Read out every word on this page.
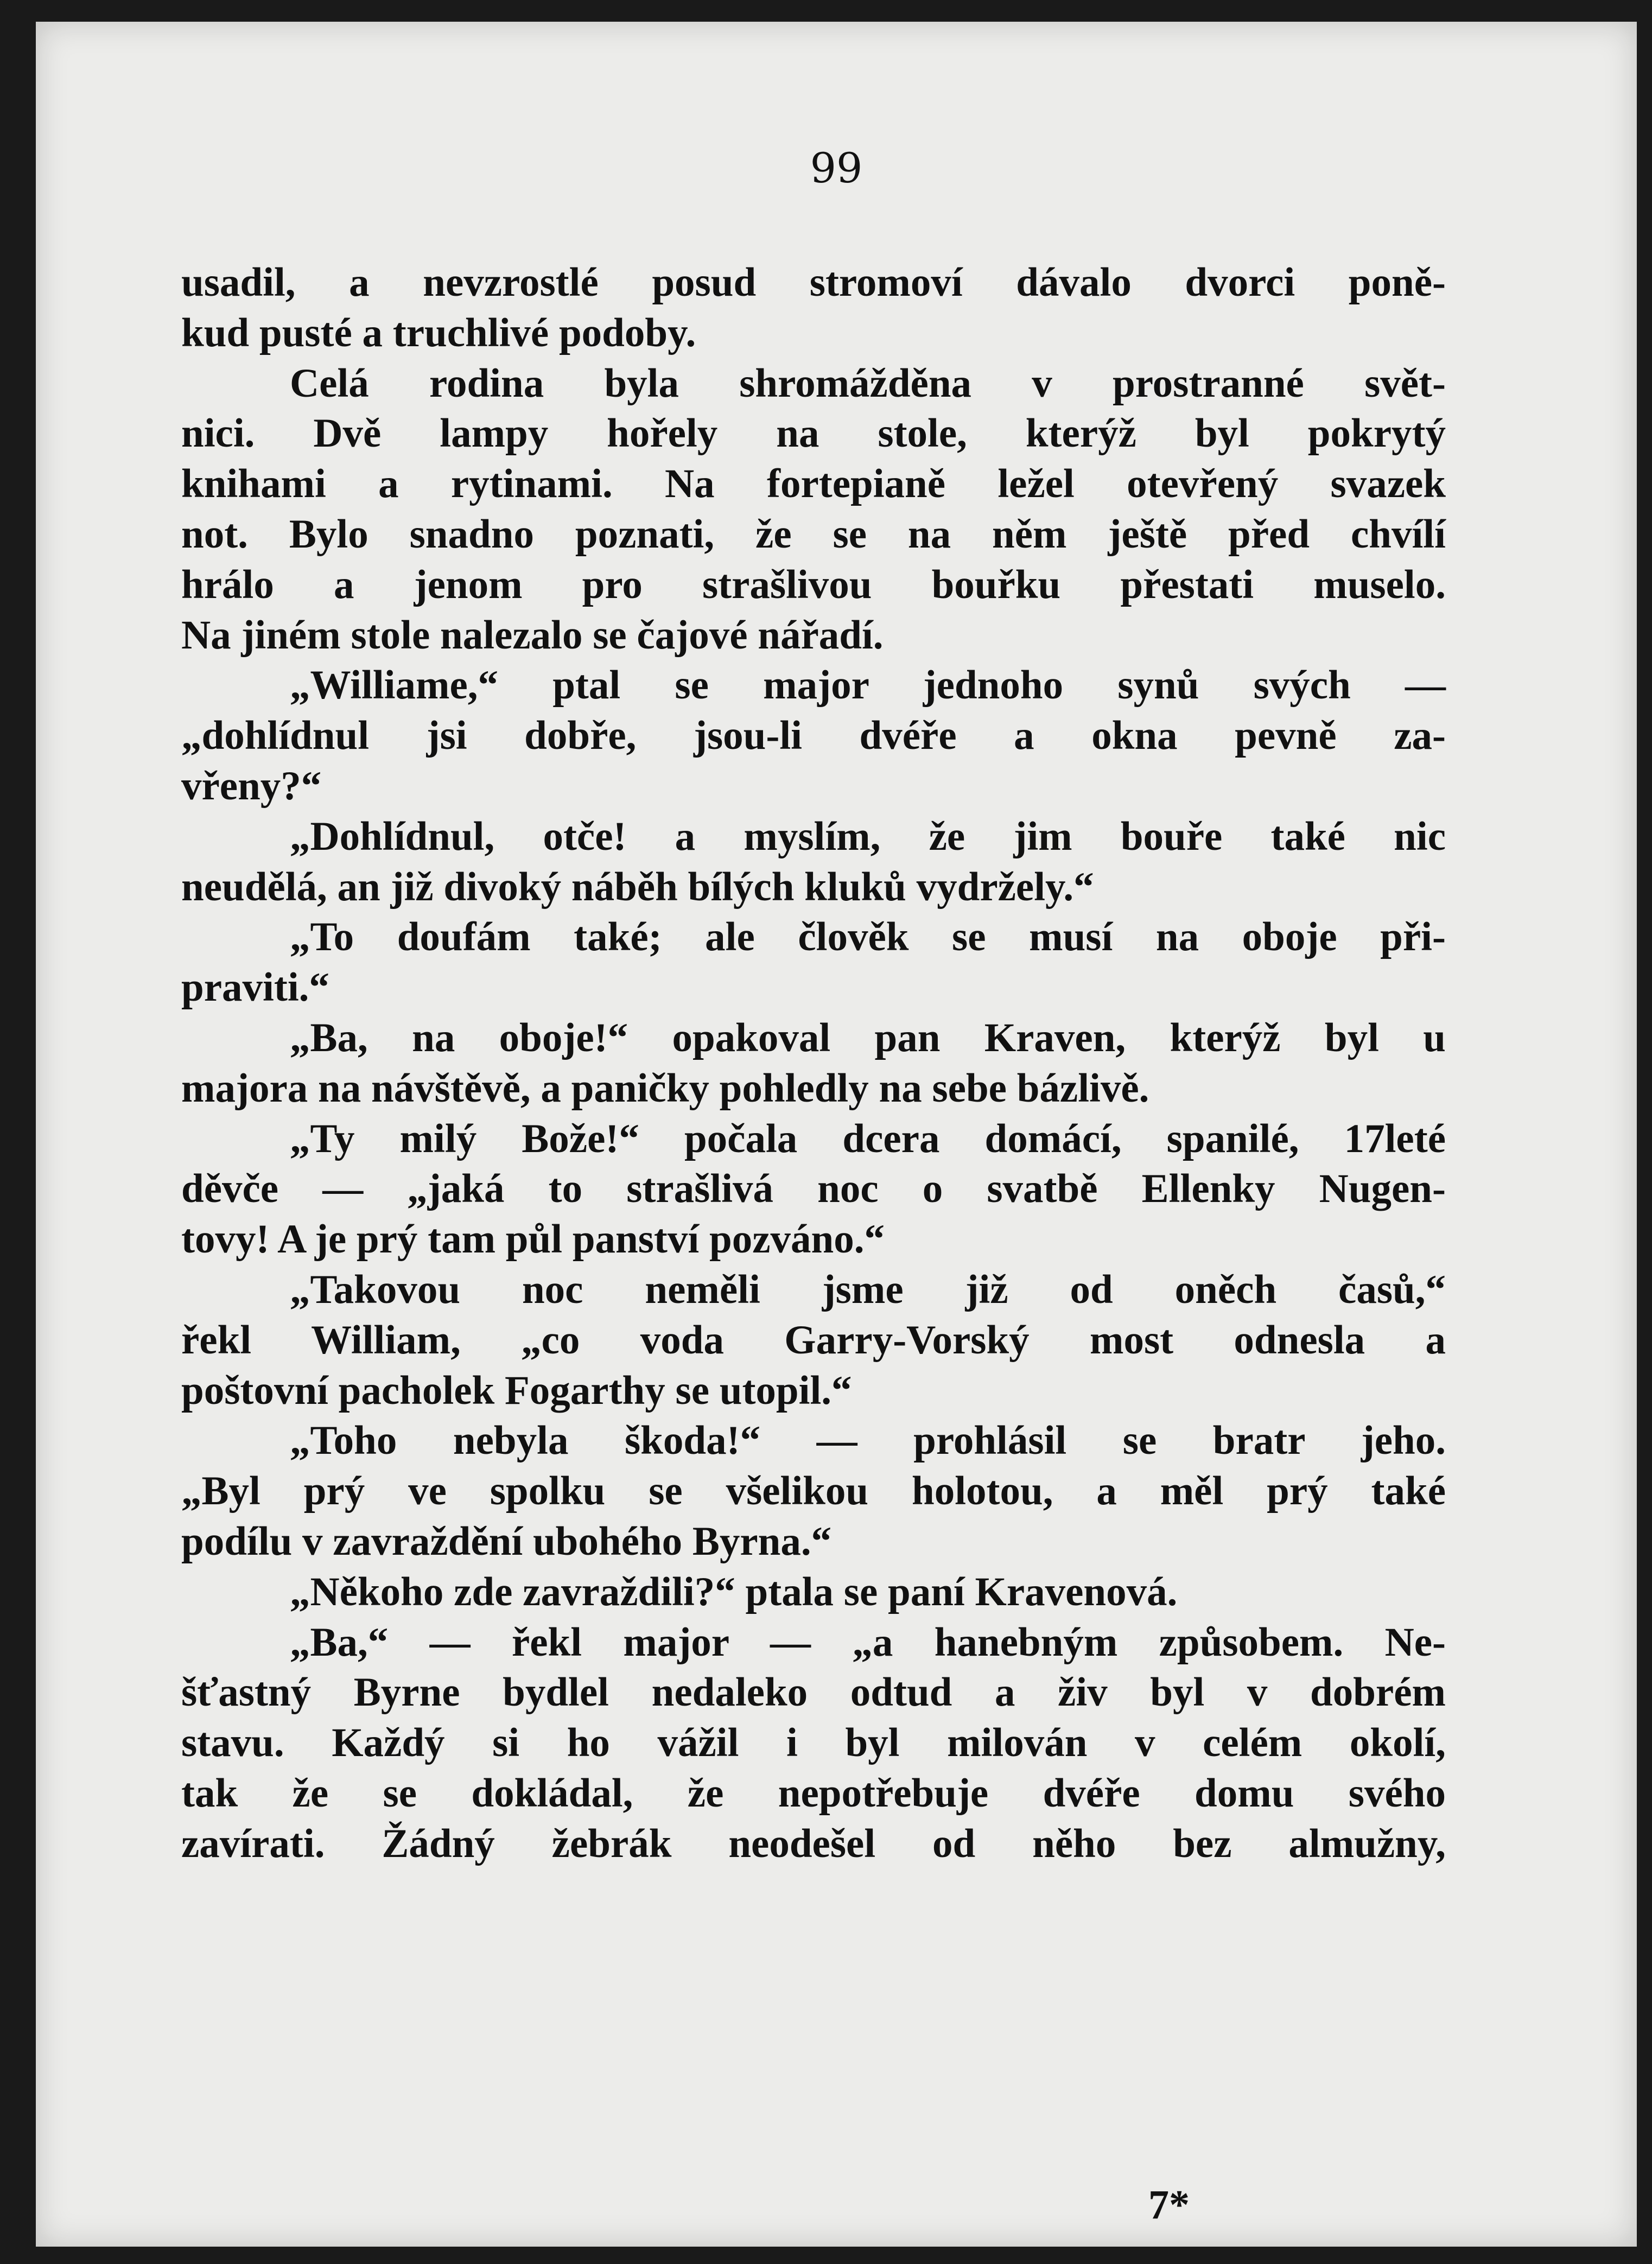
99
usadil, a nevzrostlé posud stromoví dávalo dvorci poně-
kud pusté a truchlivé podoby.
Celá rodina byla shromážděna v prostranné svět-
nici. Dvě lampy hořely na stole, kterýž byl pokrytý
knihami a rytinami. Na fortepianě ležel otevřený svazek
not. Bylo snadno poznati, že se na něm ještě před chvílí
hrálo a jenom pro strašlivou bouřku přestati muselo.
Na jiném stole nalezalo se čajové nářadí.
„Williame,“ ptal se major jednoho synů svých —
„dohlídnul jsi dobře, jsou-li dvéře a okna pevně za-
vřeny?“
„Dohlídnul, otče! a myslím, že jim bouře také nic
neudělá, an již divoký náběh bílých kluků vydržely.“
„To doufám také; ale člověk se musí na oboje při-
praviti.“
„Ba, na oboje!“ opakoval pan Kraven, kterýž byl u
majora na návštěvě, a paničky pohledly na sebe bázlivě.
„Ty milý Bože!“ počala dcera domácí, spanilé, 17leté
děvče — „jaká to strašlivá noc o svatbě Ellenky Nugen-
tovy! A je prý tam půl panství pozváno.“
„Takovou noc neměli jsme již od oněch časů,“
řekl William, „co voda Garry-Vorský most odnesla a
poštovní pacholek Fogarthy se utopil.“
„Toho nebyla škoda!“ — prohlásil se bratr jeho.
„Byl prý ve spolku se všelikou holotou, a měl prý také
podílu v zavraždění ubohého Byrna.“
„Někoho zde zavraždili?“ ptala se paní Kravenová.
„Ba,“ — řekl major — „a hanebným způsobem. Ne-
šťastný Byrne bydlel nedaleko odtud a živ byl v dobrém
stavu. Každý si ho vážil i byl milován v celém okolí,
tak že se dokládal, že nepotřebuje dvéře domu svého
zavírati. Žádný žebrák neodešel od něho bez almužny,
7*
